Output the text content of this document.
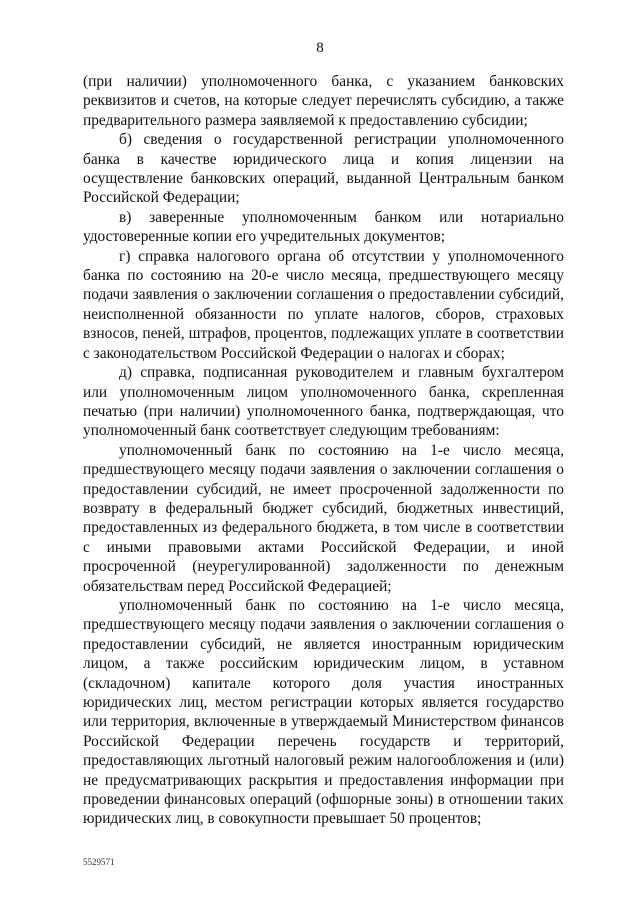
8

(при наличии) уполномоченного банка, с указанием банковских реквизитов и счетов, на которые следует перечислять субсидию, а также предварительного размера заявляемой к предоставлению субсидии;

б) сведения о государственной регистрации уполномоченного банка в качестве юридического лица и копия лицензии на осуществление банковских операций, выданной Центральным банком Российской Федерации;

в) заверенные уполномоченным банком или нотариально удостоверенные копии его учредительных документов;

г) справка налогового органа об отсутствии у уполномоченного банка по состоянию на 20-е число месяца, предшествующего месяцу подачи заявления о заключении соглашения о предоставлении субсидий, неисполненной обязанности по уплате налогов, сборов, страховых взносов, пеней, штрафов, процентов, подлежащих уплате в соответствии с законодательством Российской Федерации о налогах и сборах;

д) справка, подписанная руководителем и главным бухгалтером или уполномоченным лицом уполномоченного банка, скрепленная печатью (при наличии) уполномоченного банка, подтверждающая, что уполномоченный банк соответствует следующим требованиям:

уполномоченный банк по состоянию на 1-е число месяца, предшествующего месяцу подачи заявления о заключении соглашения о предоставлении субсидий, не имеет просроченной задолженности по возврату в федеральный бюджет субсидий, бюджетных инвестиций, предоставленных из федерального бюджета, в том числе в соответствии с иными правовыми актами Российской Федерации, и иной просроченной (неурегулированной) задолженности по денежным обязательствам перед Российской Федерацией;

уполномоченный банк по состоянию на 1-е число месяца, предшествующего месяцу подачи заявления о заключении соглашения о предоставлении субсидий, не является иностранным юридическим лицом, а также российским юридическим лицом, в уставном (складочном) капитале которого доля участия иностранных юридических лиц, местом регистрации которых является государство или территория, включенные в утверждаемый Министерством финансов Российской Федерации перечень государств и территорий, предоставляющих льготный налоговый режим налогообложения и (или) не предусматривающих раскрытия и предоставления информации при проведении финансовых операций (офшорные зоны) в отношении таких юридических лиц, в совокупности превышает 50 процентов;

5529571
